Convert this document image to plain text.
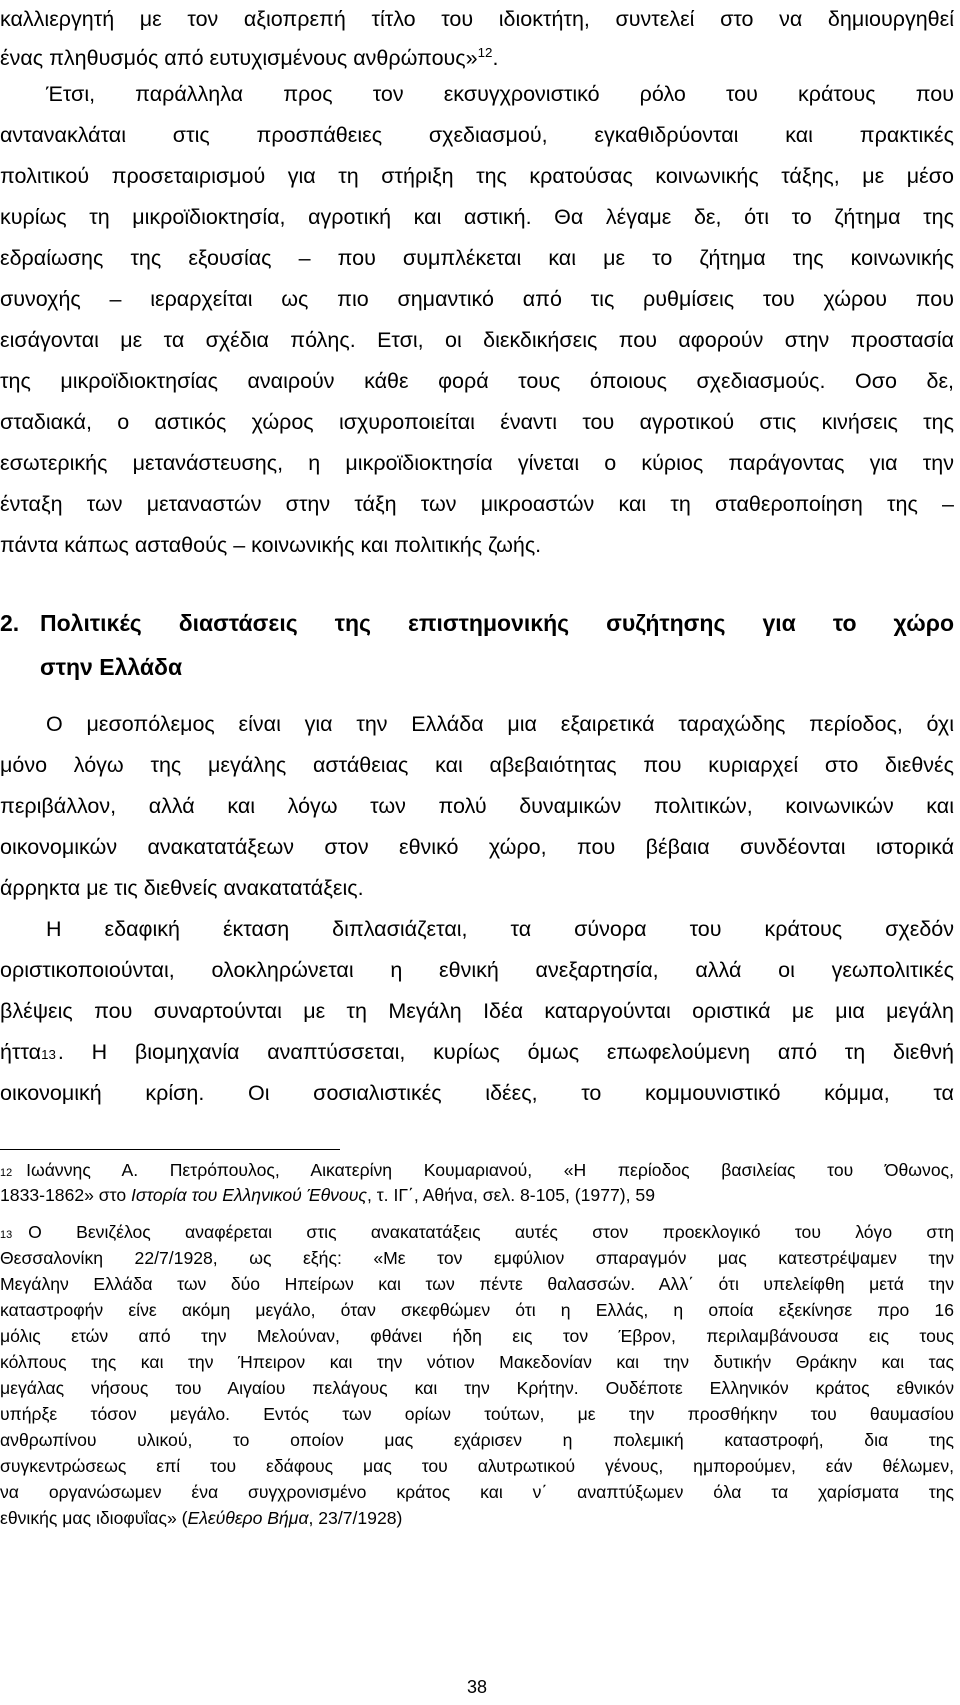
καλλιεργητή με τον αξιοπρεπή τίτλο του ιδιοκτήτη, συντελεί στο να δημιουργηθεί
ένας πληθυσμός από ευτυχισμένους ανθρώπους»$^{12}$.
Έτσι, παράλληλα προς τον εκσυγχρονιστικό ρόλο του κράτους που
αντανακλάται στις προσπάθειες σχεδιασμού, εγκαθιδρύονται και πρακτικές
πολιτικού προσεταιρισμού για τη στήριξη της κρατούσας κοινωνικής τάξης, με μέσο
κυρίως τη μικροϊδιοκτησία, αγροτική και αστική. Θα λέγαμε δε, ότι το ζήτημα της
εδραίωσης της εξουσίας – που συμπλέκεται και με το ζήτημα της κοινωνικής
συνοχής – ιεραρχείται ως πιο σημαντικό από τις ρυθμίσεις του χώρου που
εισάγονται με τα σχέδια πόλης. Ετσι, οι διεκδικήσεις που αφορούν στην προστασία
της μικροϊδιοκτησίας αναιρούν κάθε φορά τους όποιους σχεδιασμούς. Οσο δε,
σταδιακά, ο αστικός χώρος ισχυροποιείται έναντι του αγροτικού στις κινήσεις της
εσωτερικής μετανάστευσης, η μικροϊδιοκτησία γίνεται ο κύριος παράγοντας για την
ένταξη των μεταναστών στην τάξη των μικροαστών και τη σταθεροποίηση της –
πάντα κάπως ασταθούς – κοινωνικής και πολιτικής ζωής.
2. Πολιτικές διαστάσεις της επιστημονικής συζήτησης για το χώρο
στην Ελλάδα
Ο μεσοπόλεμος είναι για την Ελλάδα μια εξαιρετικά ταραχώδης περίοδος, όχι
μόνο λόγω της μεγάλης αστάθειας και αβεβαιότητας που κυριαρχεί στο διεθνές
περιβάλλον, αλλά και λόγω των πολύ δυναμικών πολιτικών, κοινωνικών και
οικονομικών ανακατατάξεων στον εθνικό χώρο, που βέβαια συνδέονται ιστορικά
άρρηκτα με τις διεθνείς ανακατατάξεις.
Η εδαφική έκταση διπλασιάζεται, τα σύνορα του κράτους σχεδόν
οριστικοποιούνται, ολοκληρώνεται η εθνική ανεξαρτησία, αλλά οι γεωπολιτικές
βλέψεις που συναρτούνται με τη Μεγάλη Ιδέα καταργούνται οριστικά με μια μεγάλη
ήττα 13 . Η βιομηχανία αναπτύσσεται, κυρίως όμως επωφελούμενη από τη διεθνή
οικονομική κρίση. Οι σοσιαλιστικές ιδέες, το κομμουνιστικό κόμμα, τα
12 Ιωάννης Α. Πετρόπουλος, Αικατερίνη Κουμαριανού, «Η περίοδος βασιλείας του Όθωνος,
1833-1862» στο Ιστορία του Ελληνικού Έθνους, τ. ΙΓ΄, Αθήνα, σελ. 8-105, (1977), 59
13 Ο Βενιζέλος αναφέρεται στις ανακατατάξεις αυτές στον προεκλογικό του λόγο στη
Θεσσαλονίκη 22/7/1928, ως εξής: «Με τον εμφύλιον σπαραγμόν μας κατεστρέψαμεν την
Μεγάλην Ελλάδα των δύο Ηπείρων και των πέντε θαλασσών. Αλλ΄ ότι υπελείφθη μετά την
καταστροφήν είνε ακόμη μεγάλο, όταν σκεφθώμεν ότι η Ελλάς, η οποία εξεκίνησε προ 16
μόλις ετών από την Μελούναν, φθάνει ήδη εις τον Έβρον, περιλαμβάνουσα εις τους
κόλπους της και την Ήπειρον και την νότιον Μακεδονίαν και την δυτικήν Θράκην και τας
μεγάλας νήσους του Αιγαίου πελάγους και την Κρήτην. Ουδέποτε Ελληνικόν κράτος εθνικόν
υπήρξε τόσον μεγάλο. Εντός των ορίων τούτων, με την προσθήκην του θαυμασίου
ανθρωπίνου υλικού, το οποίον μας εχάρισεν η πολεμική καταστροφή, δια της
συγκεντρώσεως επί του εδάφους μας του αλυτρωτικού γένους, ημπορούμεν, εάν θέλωμεν,
να οργανώσωμεν ένα συγχρονισμένο κράτος και ν΄ αναπτύξωμεν όλα τα χαρίσματα της
εθνικής μας ιδιοφυΐας» (Ελεύθερο Βήμα, 23/7/1928)
38
